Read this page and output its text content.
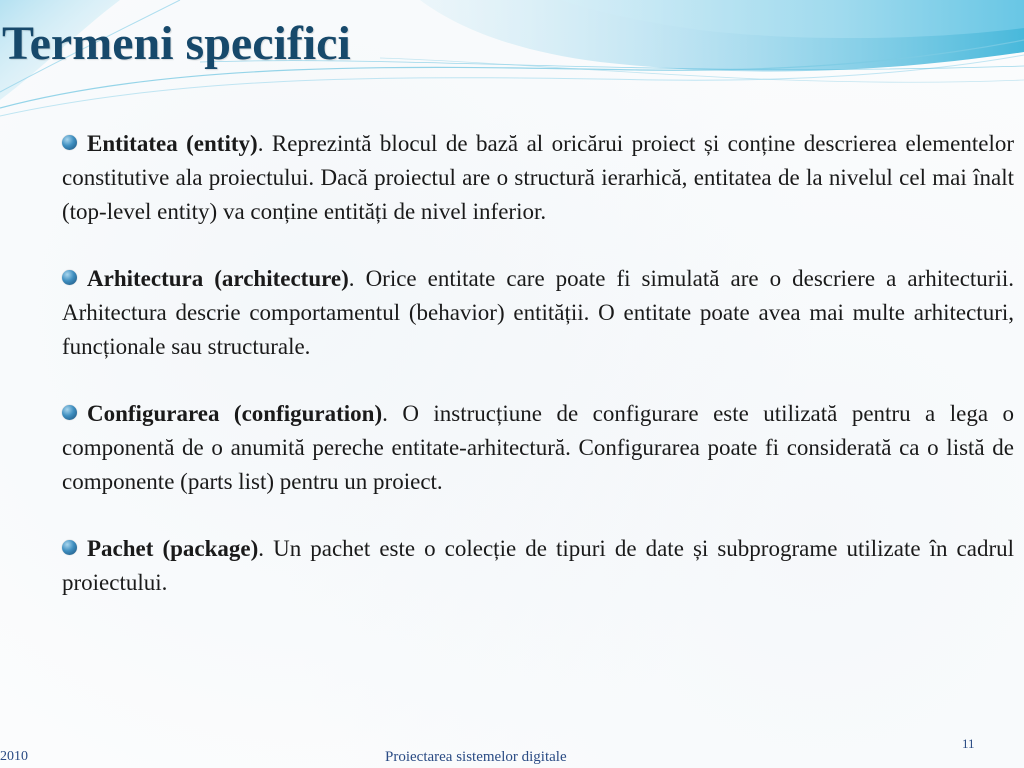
Termeni specifici

Entitatea (entity). Reprezintă blocul de bază al oricărui proiect și conține descrierea elementelor constitutive ala proiectului. Dacă proiectul are o structură ierarhică, entitatea de la nivelul cel mai înalt (top-level entity) va conține entități de nivel inferior.

Arhitectura (architecture). Orice entitate care poate fi simulată are o descriere a arhitecturii. Arhitectura descrie comportamentul (behavior) entității. O entitate poate avea mai multe arhitecturi, funcționale sau structurale.

Configurarea (configuration). O instrucțiune de configurare este utilizată pentru a lega o componentă de o anumită pereche entitate-arhitectură. Configurarea poate fi considerată ca o listă de componente (parts list) pentru un proiect.

Pachet (package). Un pachet este o colecție de tipuri de date și subprograme utilizate în cadrul proiectului.

2010	Proiectarea sistemelor digitale
11
